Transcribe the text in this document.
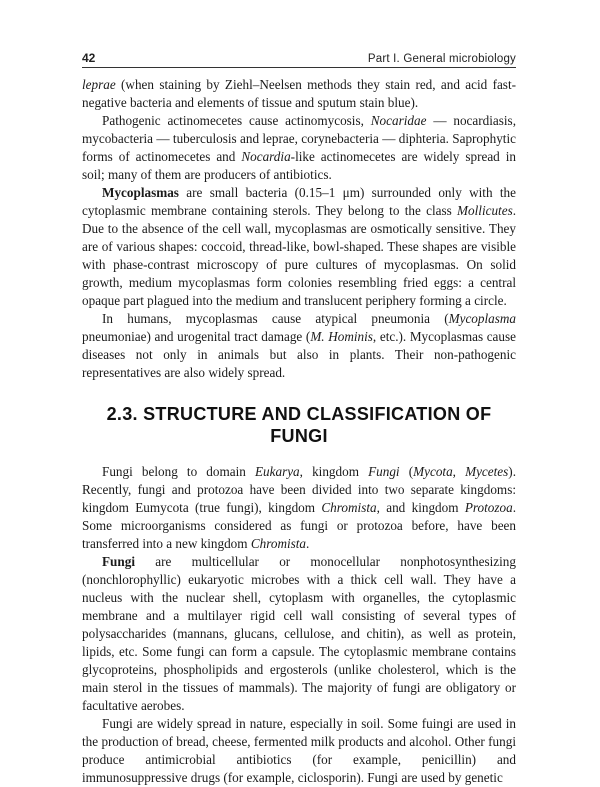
42	Part I. General microbiology

leprae (when staining by Ziehl–Neelsen methods they stain red, and acid fast-negative bacteria and elements of tissue and sputum stain blue).

Pathogenic actinomecetes cause actinomycosis, Nocaridae — nocardiasis, mycobacteria — tuberculosis and leprae, corynebacteria — diphteria. Saprophytic forms of actinomecetes and Nocardia-like actinomecetes are widely spread in soil; many of them are producers of antibiotics.

Mycoplasmas are small bacteria (0.15–1 μm) surrounded only with the cytoplasmic membrane containing sterols. They belong to the class Mollicutes. Due to the absence of the cell wall, mycoplasmas are osmotically sensitive. They are of various shapes: coccoid, thread-like, bowl-shaped. These shapes are visible with phase-contrast microscopy of pure cultures of mycoplasmas. On solid growth, medium mycoplasmas form colonies resembling fried eggs: a central opaque part plagued into the medium and translucent periphery forming a circle.

In humans, mycoplasmas cause atypical pneumonia (Mycoplasma pneumoniae) and urogenital tract damage (M. Hominis, etc.). Mycoplasmas cause diseases not only in animals but also in plants. Their non-pathogenic representatives are also widely spread.

2.3. STRUCTURE AND CLASSIFICATION OF FUNGI

Fungi belong to domain Eukarya, kingdom Fungi (Mycota, Mycetes). Recently, fungi and protozoa have been divided into two separate kingdoms: kingdom Eumycota (true fungi), kingdom Chromista, and kingdom Protozoa. Some microorganisms considered as fungi or protozoa before, have been transferred into a new kingdom Chromista.

Fungi are multicellular or monocellular nonphotosynthesizing (nonchlorophyllic) eukaryotic microbes with a thick cell wall. They have a nucleus with the nuclear shell, cytoplasm with organelles, the cytoplasmic membrane and a multilayer rigid cell wall consisting of several types of polysaccharides (mannans, glucans, cellulose, and chitin), as well as protein, lipids, etc. Some fungi can form a capsule. The cytoplasmic membrane contains glycoproteins, phospholipids and ergosterols (unlike cholesterol, which is the main sterol in the tissues of mammals). The majority of fungi are obligatory or facultative aerobes.

Fungi are widely spread in nature, especially in soil. Some fuingi are used in the production of bread, cheese, fermented milk products and alcohol. Other fungi produce antimicrobial antibiotics (for example, penicillin) and immunosuppressive drugs (for example, ciclosporin). Fungi are used by genetic
